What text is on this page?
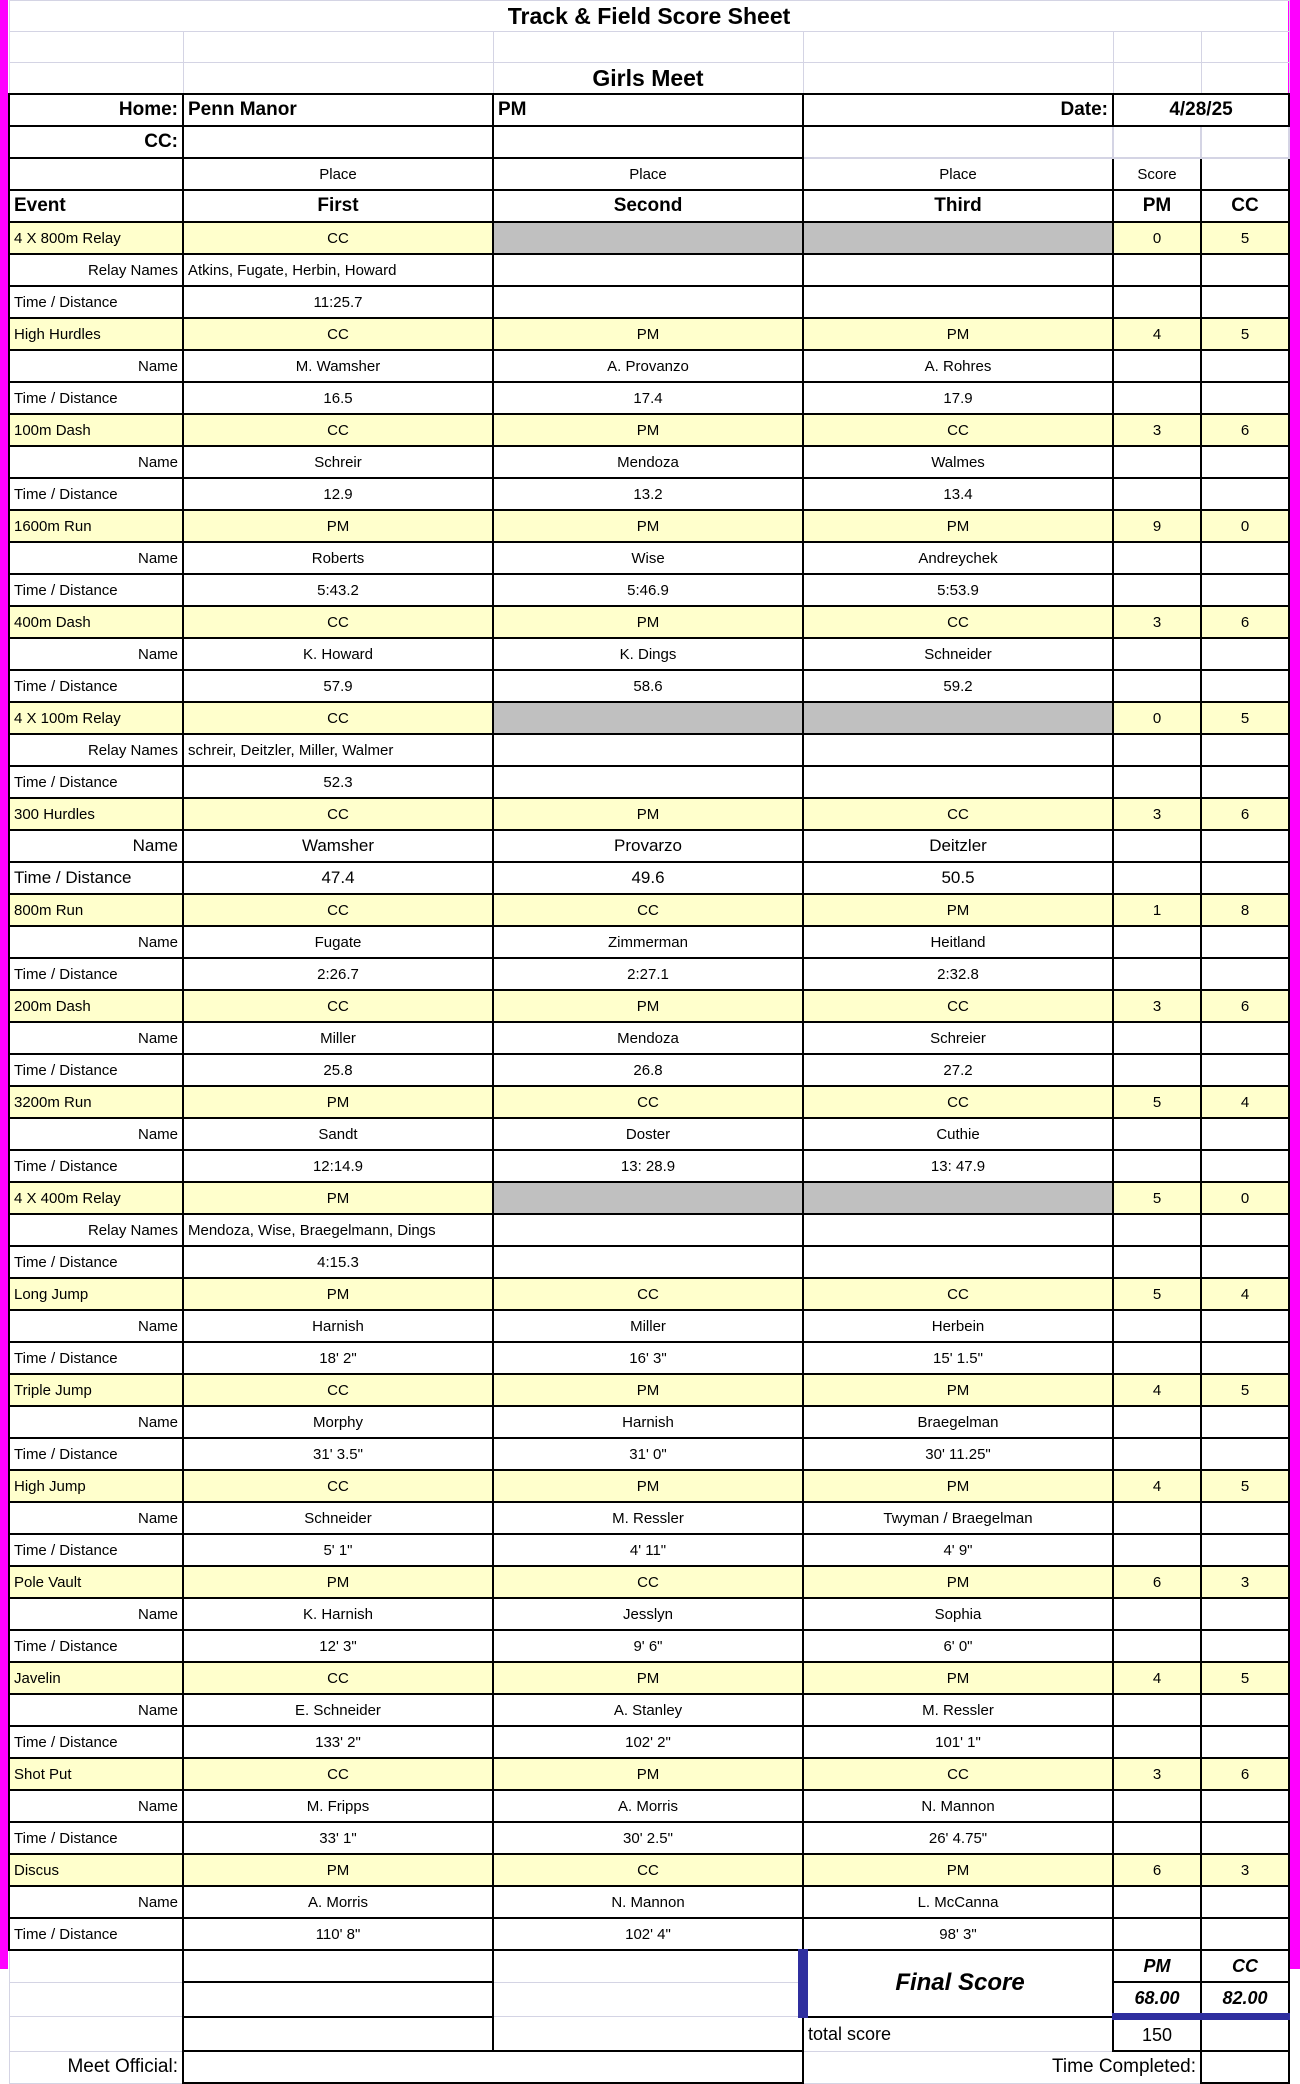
Track & Field Score Sheet					

		Girls Meet			
Home:	Penn Manor	PM	Date:	4/28/25	
CC:					
	Place	Place	Place	Score	
Event	First	Second	Third	PM	CC
4 X 800m Relay	CC			0	5
Relay Names	Atkins, Fugate, Herbin, Howard				
Time / Distance	11:25.7				
High Hurdles	CC	PM	PM	4	5
Name	M. Wamsher	A. Provanzo	A. Rohres		
Time / Distance	16.5	17.4	17.9		
100m Dash	CC	PM	CC	3	6
Name	Schreir	Mendoza	Walmes		
Time / Distance	12.9	13.2	13.4		
1600m Run	PM	PM	PM	9	0
Name	Roberts	Wise	Andreychek		
Time / Distance	5:43.2	5:46.9	5:53.9		
400m Dash	CC	PM	CC	3	6
Name	K. Howard	K. Dings	Schneider		
Time / Distance	57.9	58.6	59.2		
4 X 100m Relay	CC			0	5
Relay Names	schreir, Deitzler, Miller, Walmer				
Time / Distance	52.3				
300 Hurdles	CC	PM	CC	3	6
Name	Wamsher	Provarzo	Deitzler		
Time / Distance	47.4	49.6	50.5		
800m Run	CC	CC	PM	1	8
Name	Fugate	Zimmerman	Heitland		
Time / Distance	2:26.7	2:27.1	2:32.8		
200m Dash	CC	PM	CC	3	6
Name	Miller	Mendoza	Schreier		
Time / Distance	25.8	26.8	27.2		
3200m Run	PM	CC	CC	5	4
Name	Sandt	Doster	Cuthie		
Time / Distance	12:14.9	13: 28.9	13: 47.9		
4 X 400m Relay	PM			5	0
Relay Names	Mendoza, Wise, Braegelmann, Dings				
Time / Distance	4:15.3				
Long Jump	PM	CC	CC	5	4
Name	Harnish	Miller	Herbein		
Time / Distance	18' 2"	16' 3"	15' 1.5"		
Triple Jump	CC	PM	PM	4	5
Name	Morphy	Harnish	Braegelman		
Time / Distance	31' 3.5"	31' 0"	30' 11.25"		
High Jump	CC	PM	PM	4	5
Name	Schneider	M. Ressler	Twyman / Braegelman		
Time / Distance	5' 1"	4' 11"	4' 9"		
Pole Vault	PM	CC	PM	6	3
Name	K. Harnish	Jesslyn	Sophia		
Time / Distance	12' 3"	9' 6"	6' 0"		
Javelin	CC	PM	PM	4	5
Name	E. Schneider	A. Stanley	M. Ressler		
Time / Distance	133' 2"	102' 2"	101' 1"		
Shot Put	CC	PM	CC	3	6
Name	M. Fripps	A. Morris	N. Mannon		
Time / Distance	33' 1"	30' 2.5"	26' 4.75"		
Discus	PM	CC	PM	6	3
Name	A. Morris	N. Mannon	L. McCanna		
Time / Distance	110' 8"	102' 4"	98' 3"		
			Final Score	PM	CC
				68.00	82.00
			total score	150	
Meet Official:			Time Completed:		
